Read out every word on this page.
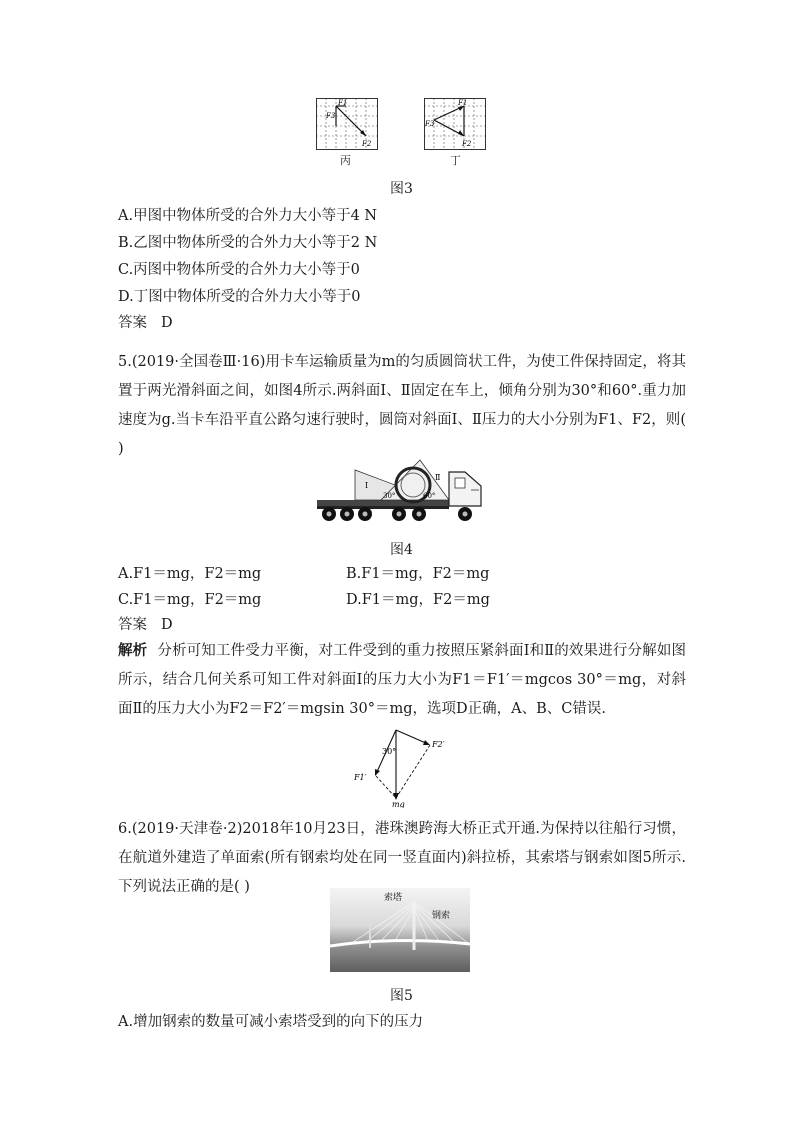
F1
F3
F2
F1
F3
F2
丙	丁
图3
A.甲图中物体所受的合外力大小等于4 N
B.乙图中物体所受的合外力大小等于2 N
C.丙图中物体所受的合外力大小等于0
D.丁图中物体所受的合外力大小等于0
答案 D
5.(2019·全国卷Ⅲ·16)用卡车运输质量为m的匀质圆筒状工件，为使工件保持固定，将其置于两光滑斜面之间，如图4所示.两斜面Ⅰ、Ⅱ固定在车上，倾角分别为30°和60°.重力加速度为g.当卡车沿平直公路匀速行驶时，圆筒对斜面Ⅰ、Ⅱ压力的大小分别为F1、F2，则( )
Ⅰ
Ⅱ
30°	60°
图4
A.F1＝mg，F2＝mg	B.F1＝mg，F2＝mg
C.F1＝mg，F2＝mg	D.F1＝mg，F2＝mg
答案 D
解析 分析可知工件受力平衡，对工件受到的重力按照压紧斜面Ⅰ和Ⅱ的效果进行分解如图所示，结合几何关系可知工件对斜面Ⅰ的压力大小为F1＝F1′＝mgcos 30°＝mg，对斜面Ⅱ的压力大小为F2＝F2′＝mgsin 30°＝mg，选项D正确，A、B、C错误.
30°
F2′
F1′
mg
6.(2019·天津卷·2)2018年10月23日，港珠澳跨海大桥正式开通.为保持以往船行习惯，在航道外建造了单面索(所有钢索均处在同一竖直面内)斜拉桥，其索塔与钢索如图5所示.下列说法正确的是( )
索塔
钢索
图5
A.增加钢索的数量可减小索塔受到的向下的压力
